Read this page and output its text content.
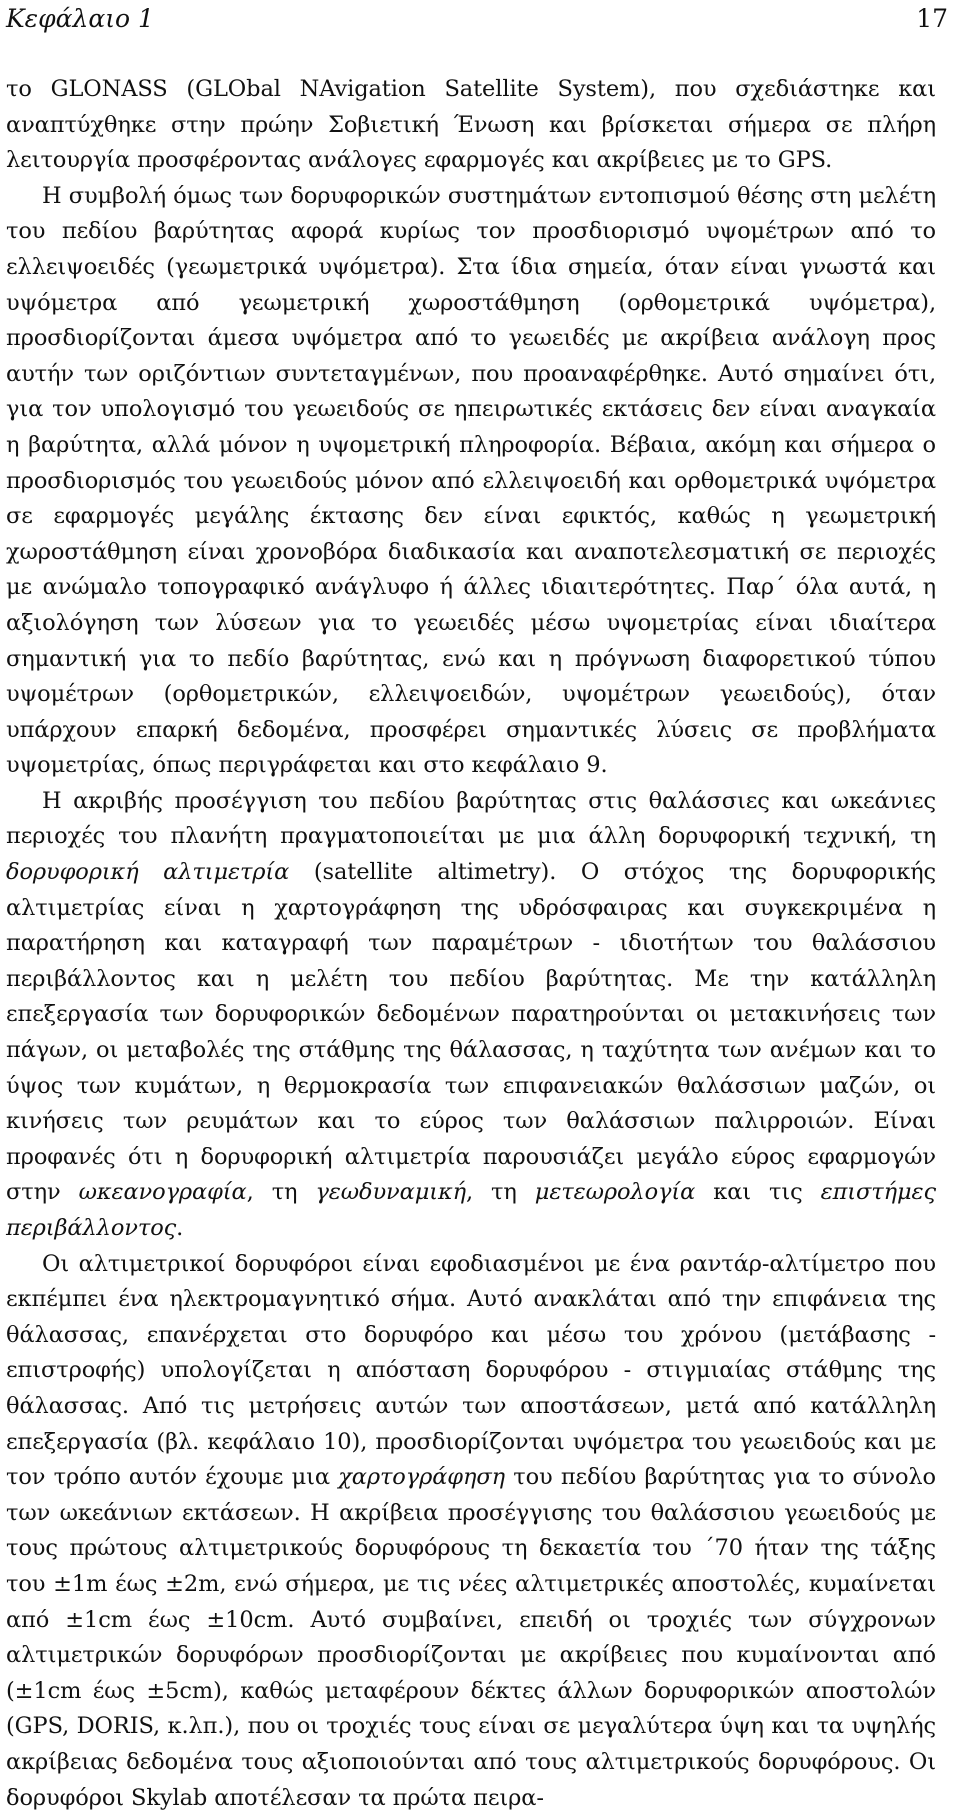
Κεφάλαιο 1	17

το GLONASS (GLObal NAvigation Satellite System), που σχεδιάστηκε και αναπτύχθηκε στην πρώην Σοβιετική Ένωση και βρίσκεται σήμερα σε πλήρη λειτουργία προσφέροντας ανάλογες εφαρμογές και ακρίβειες με το GPS.

Η συμβολή όμως των δορυφορικών συστημάτων εντοπισμού θέσης στη μελέτη του πεδίου βαρύτητας αφορά κυρίως τον προσδιορισμό υψομέτρων από το ελλειψοειδές (γεωμετρικά υψόμετρα). Στα ίδια σημεία, όταν είναι γνωστά και υψόμετρα από γεωμετρική χωροστάθμηση (ορθομετρικά υψόμετρα), προσδιορίζονται άμεσα υψόμετρα από το γεωειδές με ακρίβεια ανάλογη προς αυτήν των οριζόντιων συντεταγμένων, που προαναφέρθηκε. Αυτό σημαίνει ότι, για τον υπολογισμό του γεωειδούς σε ηπειρωτικές εκτάσεις δεν είναι αναγκαία η βαρύτητα, αλλά μόνον η υψομετρική πληροφορία. Βέβαια, ακόμη και σήμερα ο προσδιορισμός του γεωειδούς μόνον από ελλειψοειδή και ορθομετρικά υψόμετρα σε εφαρμογές μεγάλης έκτασης δεν είναι εφικτός, καθώς η γεωμετρική χωροστάθμηση είναι χρονοβόρα διαδικασία και αναποτελεσματική σε περιοχές με ανώμαλο τοπογραφικό ανάγλυφο ή άλλες ιδιαιτερότητες. Παρ΄ όλα αυτά, η αξιολόγηση των λύσεων για το γεωειδές μέσω υψομετρίας είναι ιδιαίτερα σημαντική για το πεδίο βαρύτητας, ενώ και η πρόγνωση διαφορετικού τύπου υψομέτρων (ορθομετρικών, ελλειψοειδών, υψομέτρων γεωειδούς), όταν υπάρχουν επαρκή δεδομένα, προσφέρει σημαντικές λύσεις σε προβλήματα υψομετρίας, όπως περιγράφεται και στο κεφάλαιο 9.

Η ακριβής προσέγγιση του πεδίου βαρύτητας στις θαλάσσιες και ωκεάνιες περιοχές του πλανήτη πραγματοποιείται με μια άλλη δορυφορική τεχνική, τη δορυφορική αλτιμετρία (satellite altimetry). Ο στόχος της δορυφορικής αλτιμετρίας είναι η χαρτογράφηση της υδρόσφαιρας και συγκεκριμένα η παρατήρηση και καταγραφή των παραμέτρων - ιδιοτήτων του θαλάσσιου περιβάλλοντος και η μελέτη του πεδίου βαρύτητας. Με την κατάλληλη επεξεργασία των δορυφορικών δεδομένων παρατηρούνται οι μετακινήσεις των πάγων, οι μεταβολές της στάθμης της θάλασσας, η ταχύτητα των ανέμων και το ύψος των κυμάτων, η θερμοκρασία των επιφανειακών θαλάσσιων μαζών, οι κινήσεις των ρευμάτων και το εύρος των θαλάσσιων παλιρροιών. Είναι προφανές ότι η δορυφορική αλτιμετρία παρουσιάζει μεγάλο εύρος εφαρμογών στην ωκεανογραφία, τη γεωδυναμική, τη μετεωρολογία και τις επιστήμες περιβάλλοντος.

Οι αλτιμετρικοί δορυφόροι είναι εφοδιασμένοι με ένα ραντάρ-αλτίμετρο που εκπέμπει ένα ηλεκτρομαγνητικό σήμα. Αυτό ανακλάται από την επιφάνεια της θάλασσας, επανέρχεται στο δορυφόρο και μέσω του χρόνου (μετάβασης - επιστροφής) υπολογίζεται η απόσταση δορυφόρου - στιγμιαίας στάθμης της θάλασσας. Από τις μετρήσεις αυτών των αποστάσεων, μετά από κατάλληλη επεξεργασία (βλ. κεφάλαιο 10), προσδιορίζονται υψόμετρα του γεωειδούς και με τον τρόπο αυτόν έχουμε μια χαρτογράφηση του πεδίου βαρύτητας για το σύνολο των ωκεάνιων εκτάσεων. Η ακρίβεια προσέγγισης του θαλάσσιου γεωειδούς με τους πρώτους αλτιμετρικούς δορυφόρους τη δεκαετία του ΄70 ήταν της τάξης του ±1m έως ±2m, ενώ σήμερα, με τις νέες αλτιμετρικές αποστολές, κυμαίνεται από ±1cm έως ±10cm. Αυτό συμβαίνει, επειδή οι τροχιές των σύγχρονων αλτιμετρικών δορυφόρων προσδιορίζονται με ακρίβειες που κυμαίνονται από (±1cm έως ±5cm), καθώς μεταφέρουν δέκτες άλλων δορυφορικών αποστολών (GPS, DORIS, κ.λπ.), που οι τροχιές τους είναι σε μεγαλύτερα ύψη και τα υψηλής ακρίβειας δεδομένα τους αξιοποιούνται από τους αλτιμετρικούς δορυφόρους. Οι δορυφόροι Skylab αποτέλεσαν τα πρώτα πειρα-
